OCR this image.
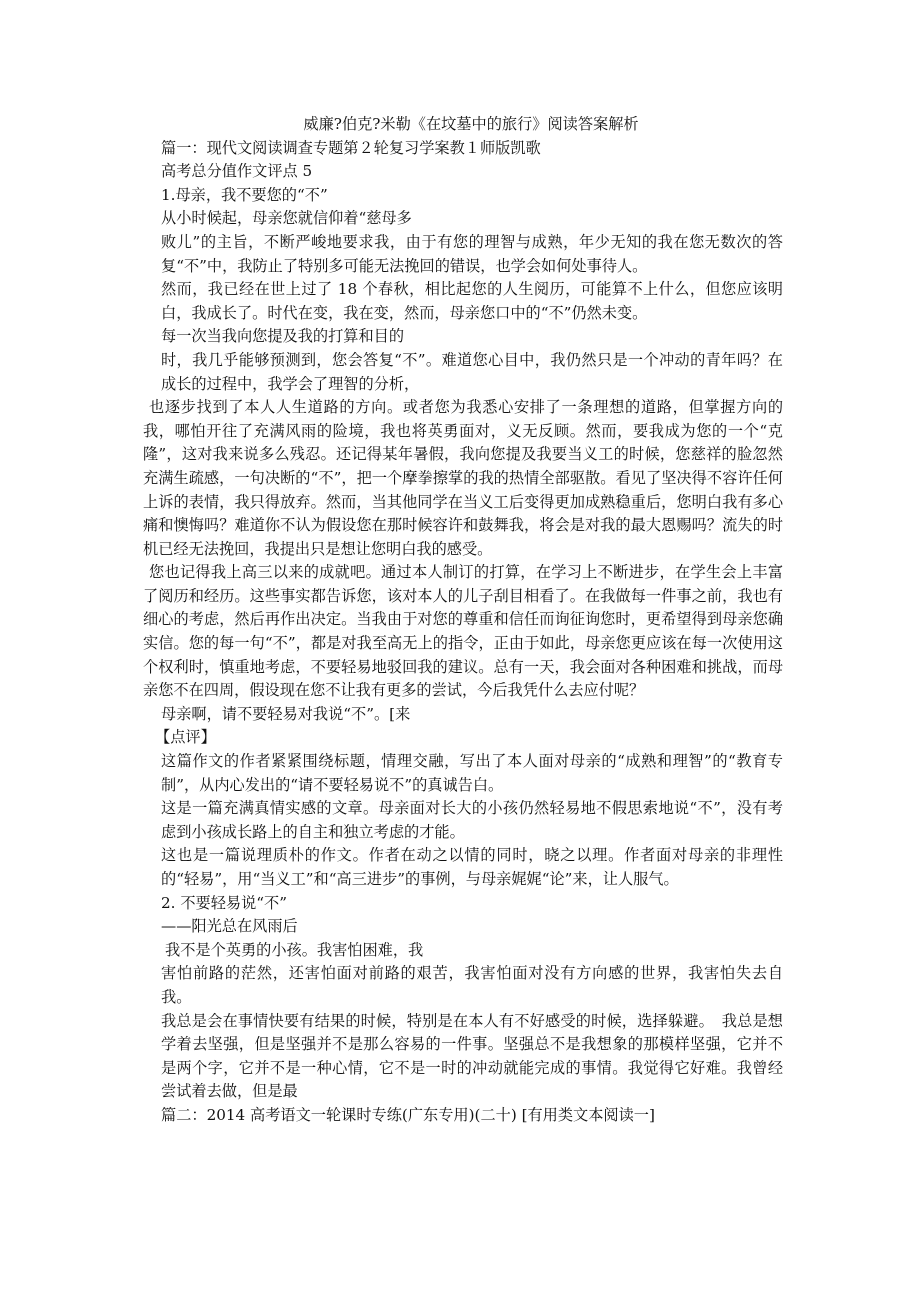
威廉?伯克?米勒《在坟墓中的旅行》阅读答案解析

篇一：现代文阅读调查专题第２轮复习学案教１师版凯歌

高考总分值作文评点 5

1.母亲，我不要您的“不”

从小时候起，母亲您就信仰着“慈母多

败儿”的主旨，不断严峻地要求我，由于有您的理智与成熟，年少无知的我在您无数次的答复“不”中，我防止了特别多可能无法挽回的错误，也学会如何处事待人。

然而，我已经在世上过了 18 个春秋，相比起您的人生阅历，可能算不上什么，但您应该明白，我成长了。时代在变，我在变，然而，母亲您口中的“不”仍然未变。

每一次当我向您提及我的打算和目的

时，我几乎能够预测到，您会答复“不”。难道您心目中，我仍然只是一个冲动的青年吗？在成长的过程中，我学会了理智的分析，

也逐步找到了本人人生道路的方向。或者您为我悉心安排了一条理想的道路，但掌握方向的我，哪怕开往了充满风雨的险境，我也将英勇面对，义无反顾。然而，要我成为您的一个“克隆”，这对我来说多么残忍。还记得某年暑假，我向您提及我要当义工的时候，您慈祥的脸忽然充满生疏感，一句决断的“不”，把一个摩拳擦掌的我的热情全部驱散。看见了坚决得不容许任何上诉的表情，我只得放弃。然而，当其他同学在当义工后变得更加成熟稳重后，您明白我有多心痛和懊悔吗？难道你不认为假设您在那时候容许和鼓舞我，将会是对我的最大恩赐吗？流失的时机已经无法挽回，我提出只是想让您明白我的感受。

您也记得我上高三以来的成就吧。通过本人制订的打算，在学习上不断进步，在学生会上丰富了阅历和经历。这些事实都告诉您，该对本人的儿子刮目相看了。在我做每一件事之前，我也有细心的考虑，然后再作出决定。当我由于对您的尊重和信任而询征询您时，更希望得到母亲您确实信。您的每一句“不”，都是对我至高无上的指令，正由于如此，母亲您更应该在每一次使用这个权利时，慎重地考虑，不要轻易地驳回我的建议。总有一天，我会面对各种困难和挑战，而母亲您不在四周，假设现在您不让我有更多的尝试，今后我凭什么去应付呢？

母亲啊，请不要轻易对我说“不”。[来

【点评】

这篇作文的作者紧紧围绕标题，情理交融，写出了本人面对母亲的“成熟和理智”的“教育专制”，从内心发出的“请不要轻易说不”的真诚告白。

这是一篇充满真情实感的文章。母亲面对长大的小孩仍然轻易地不假思索地说“不”，没有考虑到小孩成长路上的自主和独立考虑的才能。

这也是一篇说理质朴的作文。作者在动之以情的同时，晓之以理。作者面对母亲的非理性的“轻易”，用“当义工”和“高三进步”的事例，与母亲娓娓“论”来，让人服气。

2. 不要轻易说“不”

——阳光总在风雨后

我不是个英勇的小孩。我害怕困难，我

害怕前路的茫然，还害怕面对前路的艰苦，我害怕面对没有方向感的世界，我害怕失去自我。

我总是会在事情快要有结果的时候，特别是在本人有不好感受的时候，选择躲避。　我总是想学着去坚强，但是坚强并不是那么容易的一件事。坚强总不是我想象的那模样坚强，它并不是两个字，它并不是一种心情，它不是一时的冲动就能完成的事情。我觉得它好难。我曾经尝试着去做，但是最

篇二：2014 高考语文一轮课时专练(广东专用)(二十) [有用类文本阅读一]
